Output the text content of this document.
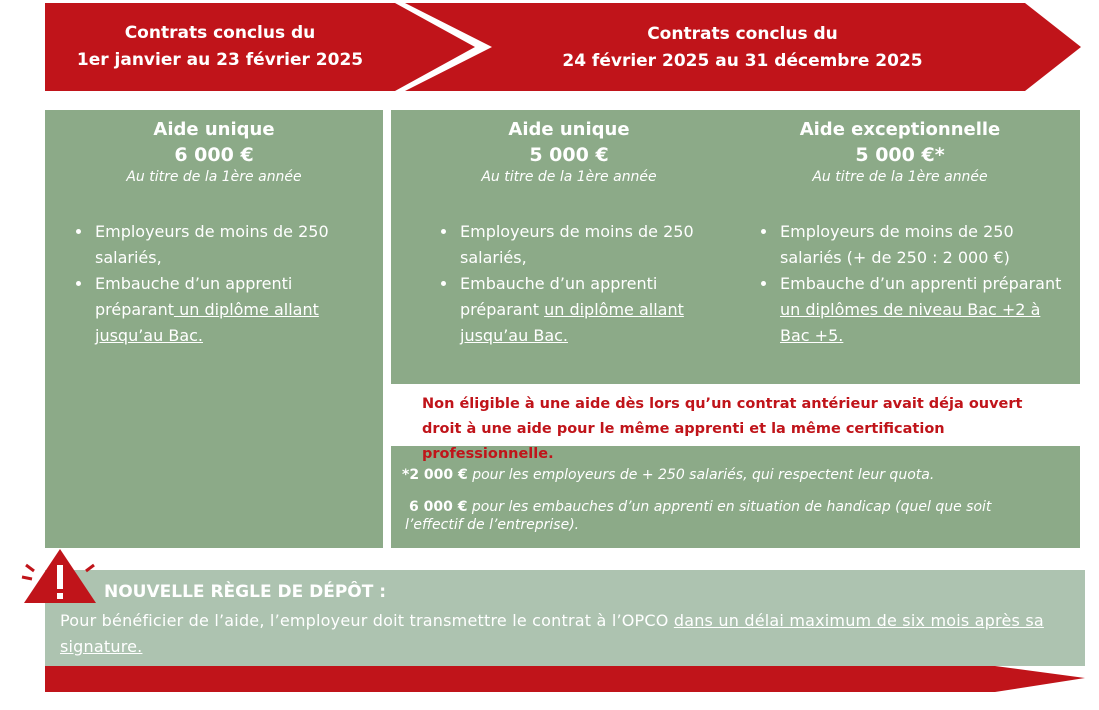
Contrats conclus du
1er janvier au 23 février 2025
Contrats conclus du
24 février 2025 au 31 décembre 2025
Aide unique
6 000 €
Au titre de la 1ère année
• Employeurs de moins de 250 salariés,
• Embauche d’un apprenti préparant un diplôme allant jusqu’au Bac.
Aide unique
5 000 €
Au titre de la 1ère année
• Employeurs de moins de 250 salariés,
• Embauche d’un apprenti préparant un diplôme allant jusqu’au Bac.
Aide exceptionnelle
5 000 €*
Au titre de la 1ère année
• Employeurs de moins de 250 salariés (+ de 250 : 2 000 €)
• Embauche d’un apprenti préparant un diplômes de niveau Bac +2 à Bac +5.
Non éligible à une aide dès lors qu’un contrat antérieur avait déja ouvert droit à une aide pour le même apprenti et la même certification professionnelle.
*2 000 € pour les employeurs de + 250 salariés, qui respectent leur quota.
6 000 € pour les embauches d’un apprenti en situation de handicap (quel que soit l’effectif de l’entreprise).
NOUVELLE RÈGLE DE DÉPÔT :
Pour bénéficier de l’aide, l’employeur doit transmettre le contrat à l’OPCO dans un délai maximum de six mois après sa signature.
